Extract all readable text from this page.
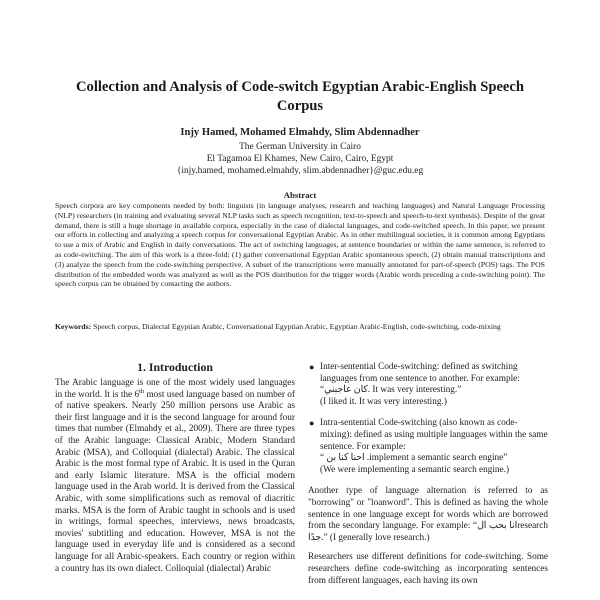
Collection and Analysis of Code-switch Egyptian Arabic-English Speech Corpus
Injy Hamed, Mohamed Elmahdy, Slim Abdennadher
The German University in Cairo
El Tagamoa El Khames, New Cairo, Cairo, Egypt
{injy.hamed, mohamed.elmahdy, slim.abdennadher}@guc.edu.eg
Abstract
Speech corpora are key components needed by both: linguists (in language analyses, research and teaching languages) and Natural Language Processing (NLP) researchers (in training and evaluating several NLP tasks such as speech recognition, text-to-speech and speech-to-text synthesis). Despite of the great demand, there is still a huge shortage in available corpora, especially in the case of dialectal languages, and code-switched speech. In this paper, we present our efforts in collecting and analyzing a speech corpus for conversational Egyptian Arabic. As in other multilingual societies, it is common among Egyptians to use a mix of Arabic and English in daily conversations. The act of switching languages, at sentence boundaries or within the same sentence, is referred to as code-switching. The aim of this work is a three-fold: (1) gather conversational Egyptian Arabic spontaneous speech, (2) obtain manual transcriptions and (3) analyze the speech from the code-switching perspective. A subset of the transcriptions were manually annotated for part-of-speech (POS) tags. The POS distribution of the embedded words was analyzed as well as the POS distribution for the trigger words (Arabic words preceding a code-switching point). The speech corpus can be obtained by contacting the authors.
Keywords: Speech corpus, Dialectal Egyptian Arabic, Conversational Egyptian Arabic, Egyptian Arabic-English, code-switching, code-mixing
1. Introduction
The Arabic language is one of the most widely used languages in the world. It is the 6th most used language based on number of of native speakers. Nearly 250 million persons use Arabic as their first language and it is the second language for around four times that number (Elmahdy et al., 2009). There are three types of the Arabic language: Classical Arabic, Modern Standard Arabic (MSA), and Colloquial (dialectal) Arabic. The classical Arabic is the most formal type of Arabic. It is used in the Quran and early Islamic literature. MSA is the official modern language used in the Arab world. It is derived from the Classical Arabic, with some simplifications such as removal of diacritic marks. MSA is the form of Arabic taught in schools and is used in writings, formal speeches, interviews, news broadcasts, movies' subtitling and education. However, MSA is not the language used in everyday life and is considered as a second language for all Arabic-speakers. Each country or region within a country has its own dialect. Colloquial (dialectal) Arabic
● Inter-sentential Code-switching: defined as switching languages from one sentence to another. For example:

“كان عاجبني. It was very interesting.”

(I liked it. It was very interesting.)

● Intra-sentential Code-switching (also known as code-mixing): defined as using multiple languages within the same sentence. For example:

“ احنا كنا بن .implement a semantic search engine”

(We were implementing a semantic search engine.)

Another type of language alternation is referred to as "borrowing" or "loanword". This is defined as having the whole sentence in one language except for words which are borrowed from the secondary language. For example: “انا بحب الresearch جدًا.” (I generally love research.)

Researchers use different definitions for code-switching. Some researchers define code-switching as incorporating sentences from different languages, each having its own
